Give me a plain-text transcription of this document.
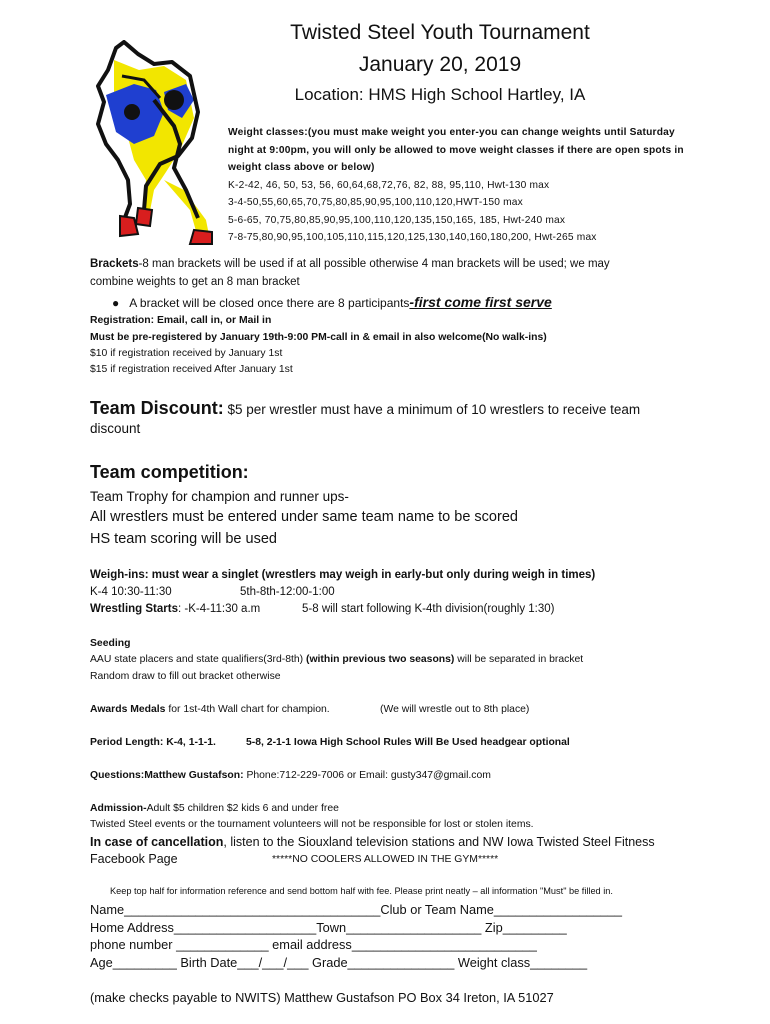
Twisted Steel Youth Tournament
January 20, 2019
Location: HMS High School Hartley, IA
Weight classes:(you must make weight you enter-you can change weights until Saturday night at 9:00pm, you will only be allowed to move weight classes if there are open spots in weight class above or below)
K-2-42, 46, 50, 53, 56, 60,64,68,72,76, 82, 88, 95,110, Hwt-130 max
3-4-50,55,60,65,70,75,80,85,90,95,100,110,120,HWT-150 max
5-6-65, 70,75,80,85,90,95,100,110,120,135,150,165, 185, Hwt-240 max
7-8-75,80,90,95,100,105,110,115,120,125,130,140,160,180,200, Hwt-265 max
Brackets-8 man brackets will be used if at all possible otherwise 4 man brackets will be used; we may
combine weights to get an 8 man bracket
●   A bracket will be closed once there are 8 participants-first come first serve
Registration: Email, call in, or Mail in
Must be pre-registered by January 19th-9:00 PM-call in & email in also welcome(No walk-ins)
$10 if registration received by January 1st
$15 if registration received After January 1st
Team Discount: $5 per wrestler must have a minimum of 10 wrestlers to receive team
discount
Team competition:
Team Trophy for champion and runner ups-
All wrestlers must be entered under same team name to be scored
HS team scoring will be used
Weigh-ins: must wear a singlet (wrestlers may weigh in early-but only during weigh in times)
K-4 10:30-11:30	5th-8th-12:00-1:00
Wrestling Starts: -K-4-11:30 a.m	5-8 will start following K-4th division(roughly 1:30)
Seeding
AAU state placers and state qualifiers(3rd-8th) (within previous two seasons) will be separated in bracket
Random draw to fill out bracket otherwise
Awards Medals for 1st-4th Wall chart for champion.	(We will wrestle out to 8th place)
Period Length: K-4, 1-1-1.	5-8, 2-1-1 Iowa High School Rules Will Be Used headgear optional
Questions:Matthew Gustafson: Phone:712-229-7006 or Email: gusty347@gmail.com
Admission-Adult $5 children $2 kids 6 and under free
Twisted Steel events or the tournament volunteers will not be responsible for lost or stolen items.
In case of cancellation, listen to the Siouxland television stations and NW Iowa Twisted Steel Fitness
Facebook Page	*****NO COOLERS ALLOWED IN THE GYM*****
Keep top half for information reference and send bottom half with fee. Please print neatly – all information "Must" be filled in.
Name____________________________________Club or Team Name__________________
Home Address____________________Town___________________ Zip_________
phone number _____________ email address__________________________
Age_________ Birth Date___/___/___ Grade_______________ Weight class________
(make checks payable to NWITS) Matthew Gustafson PO Box 34 Ireton, IA 51027
